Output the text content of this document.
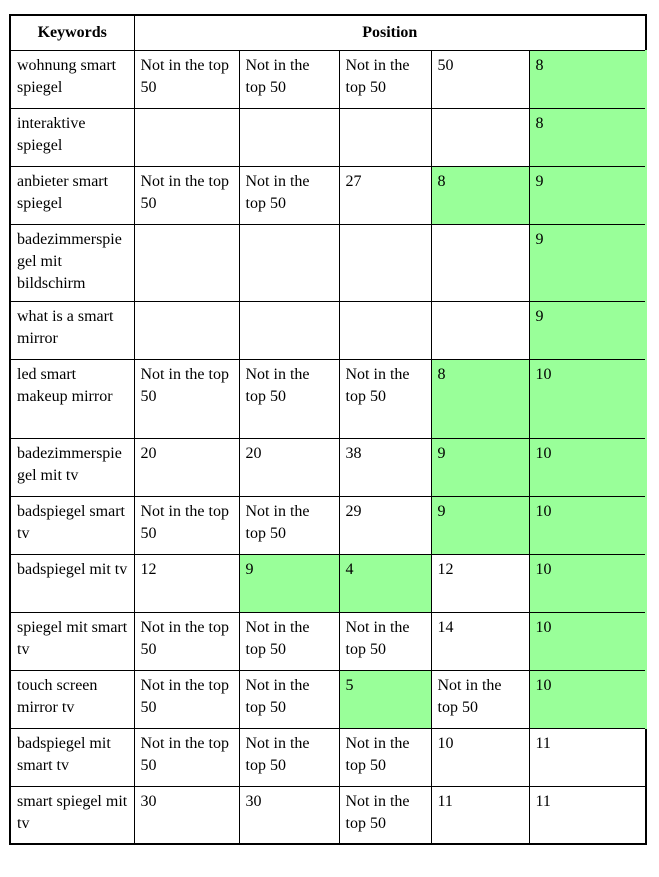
Keywords	Position				
wohnung smart spiegel	Not in the top 50	Not in the top 50	Not in the top 50	50	8
interaktive spiegel					8
anbieter smart spiegel	Not in the top 50	Not in the top 50	27	8	9
badezimmerspiegel mit bildschirm					9
what is a smart mirror					9
led smart makeup mirror	Not in the top 50	Not in the top 50	Not in the top 50	8	10
badezimmerspiegel mit tv	20	20	38	9	10
badspiegel smart tv	Not in the top 50	Not in the top 50	29	9	10
badspiegel mit tv	12	9	4	12	10
spiegel mit smart tv	Not in the top 50	Not in the top 50	Not in the top 50	14	10
touch screen mirror tv	Not in the top 50	Not in the top 50	5	Not in the top 50	10
badspiegel mit smart tv	Not in the top 50	Not in the top 50	Not in the top 50	10	11
smart spiegel mit tv	30	30	Not in the top 50	11	11
